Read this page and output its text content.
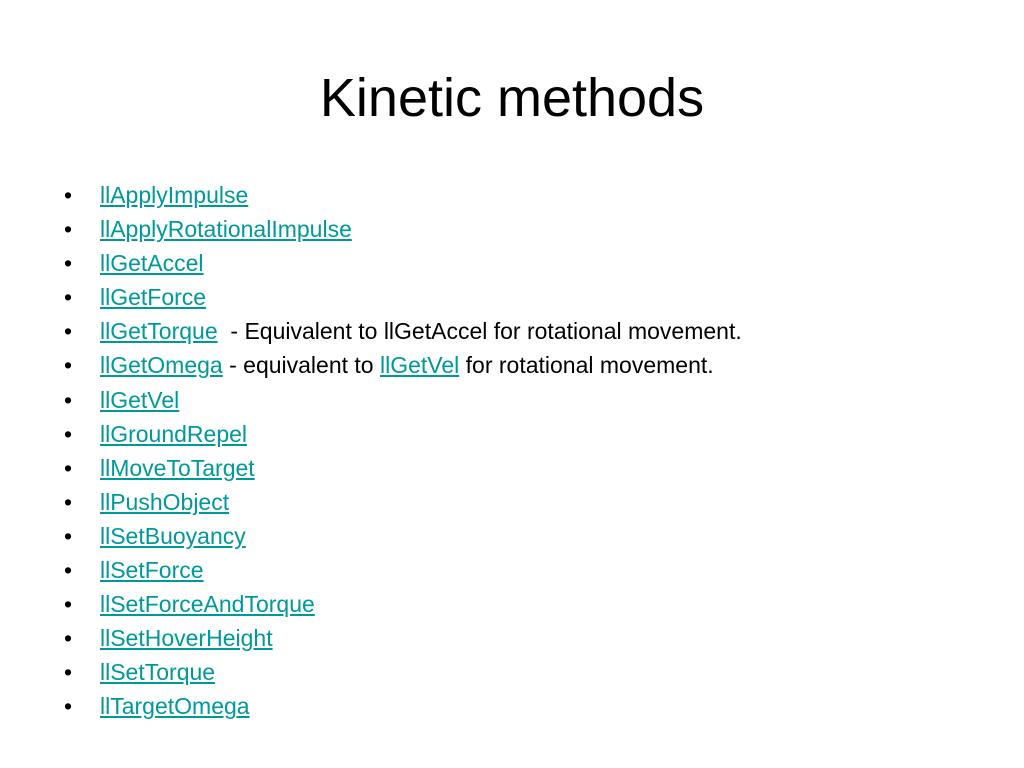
Kinetic methods
• llApplyImpulse
• llApplyRotationalImpulse
• llGetAccel
• llGetForce
• llGetTorque  - Equivalent to llGetAccel for rotational movement.
• llGetOmega - equivalent to llGetVel for rotational movement.
• llGetVel
• llGroundRepel
• llMoveToTarget
• llPushObject
• llSetBuoyancy
• llSetForce
• llSetForceAndTorque
• llSetHoverHeight
• llSetTorque
• llTargetOmega
